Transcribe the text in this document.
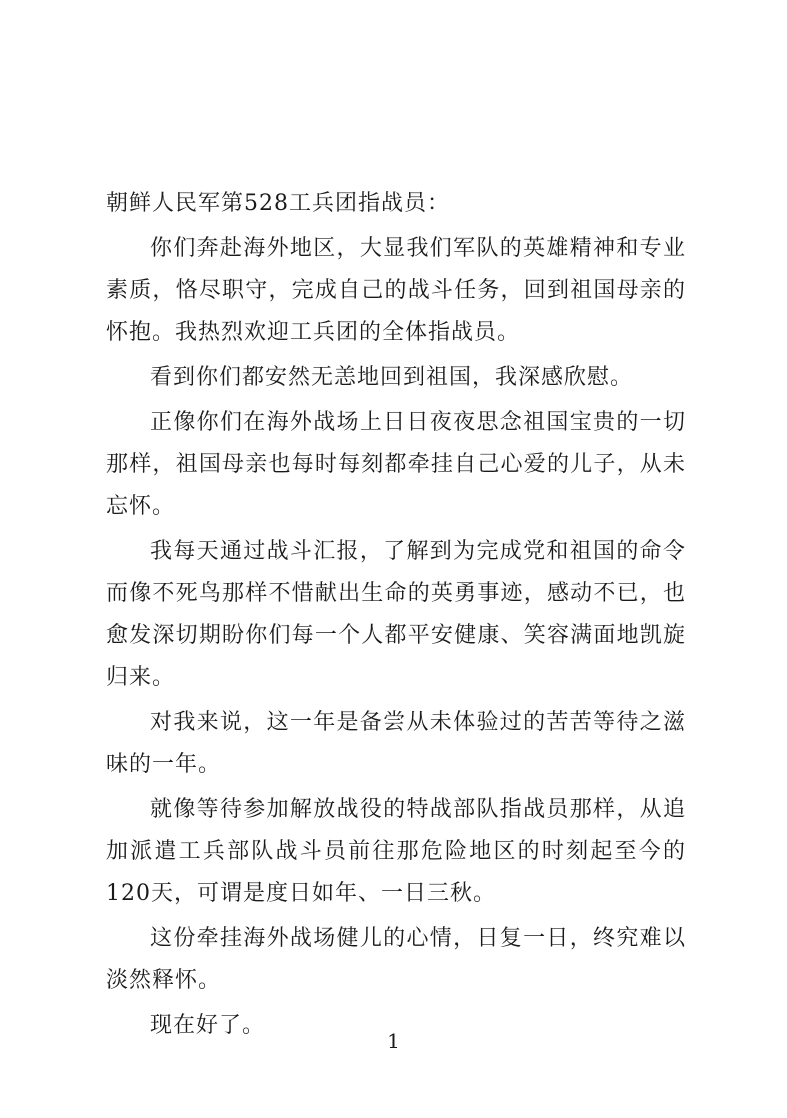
朝鲜人民军第528工兵团指战员：

你们奔赴海外地区，大显我们军队的英雄精神和专业素质，恪尽职守，完成自己的战斗任务，回到祖国母亲的怀抱。我热烈欢迎工兵团的全体指战员。

看到你们都安然无恙地回到祖国，我深感欣慰。

正像你们在海外战场上日日夜夜思念祖国宝贵的一切那样，祖国母亲也每时每刻都牵挂自己心爱的儿子，从未忘怀。

我每天通过战斗汇报，了解到为完成党和祖国的命令而像不死鸟那样不惜献出生命的英勇事迹，感动不已，也愈发深切期盼你们每一个人都平安健康、笑容满面地凯旋归来。

对我来说，这一年是备尝从未体验过的苦苦等待之滋味的一年。

就像等待参加解放战役的特战部队指战员那样，从追加派遣工兵部队战斗员前往那危险地区的时刻起至今的120天，可谓是度日如年、一日三秋。

这份牵挂海外战场健儿的心情，日复一日，终究难以淡然释怀。

现在好了。

1
